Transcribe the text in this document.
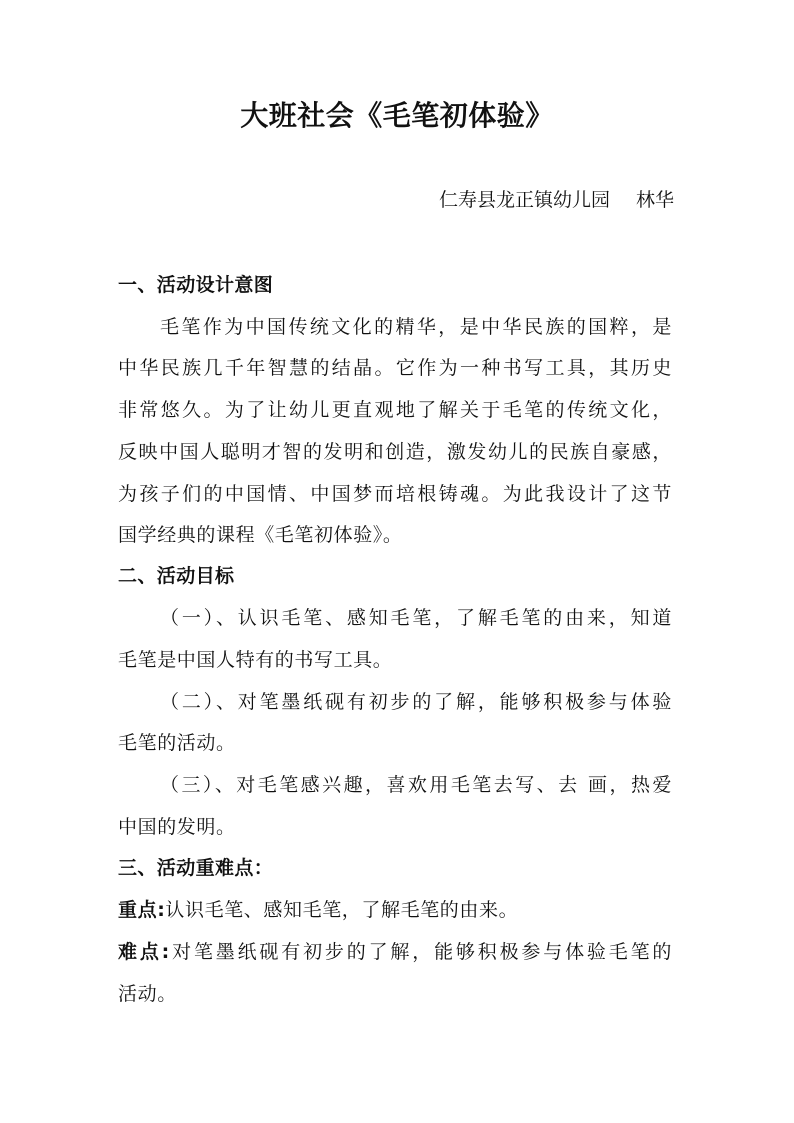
大班社会《毛笔初体验》
仁寿县龙正镇幼儿园 林华
一、活动设计意图
毛笔作为中国传统文化的精华，是中华民族的国粹，是
中华民族几千年智慧的结晶。它作为一种书写工具，其历史
非常悠久。为了让幼儿更直观地了解关于毛笔的传统文化，
反映中国人聪明才智的发明和创造，激发幼儿的民族自豪感，
为孩子们的中国情、中国梦而培根铸魂。为此我设计了这节
国学经典的课程《毛笔初体验》。
二、活动目标
（一）、认识毛笔、感知毛笔，了解毛笔的由来，知道
毛笔是中国人特有的书写工具。
（二）、对笔墨纸砚有初步的了解，能够积极参与体验
毛笔的活动。
（三）、对毛笔感兴趣，喜欢用毛笔去写、去 画，热爱
中国的发明。
三、活动重难点：
重点:认识毛笔、感知毛笔，了解毛笔的由来。
难点:对笔墨纸砚有初步的了解，能够积极参与体验毛笔的
活动。
